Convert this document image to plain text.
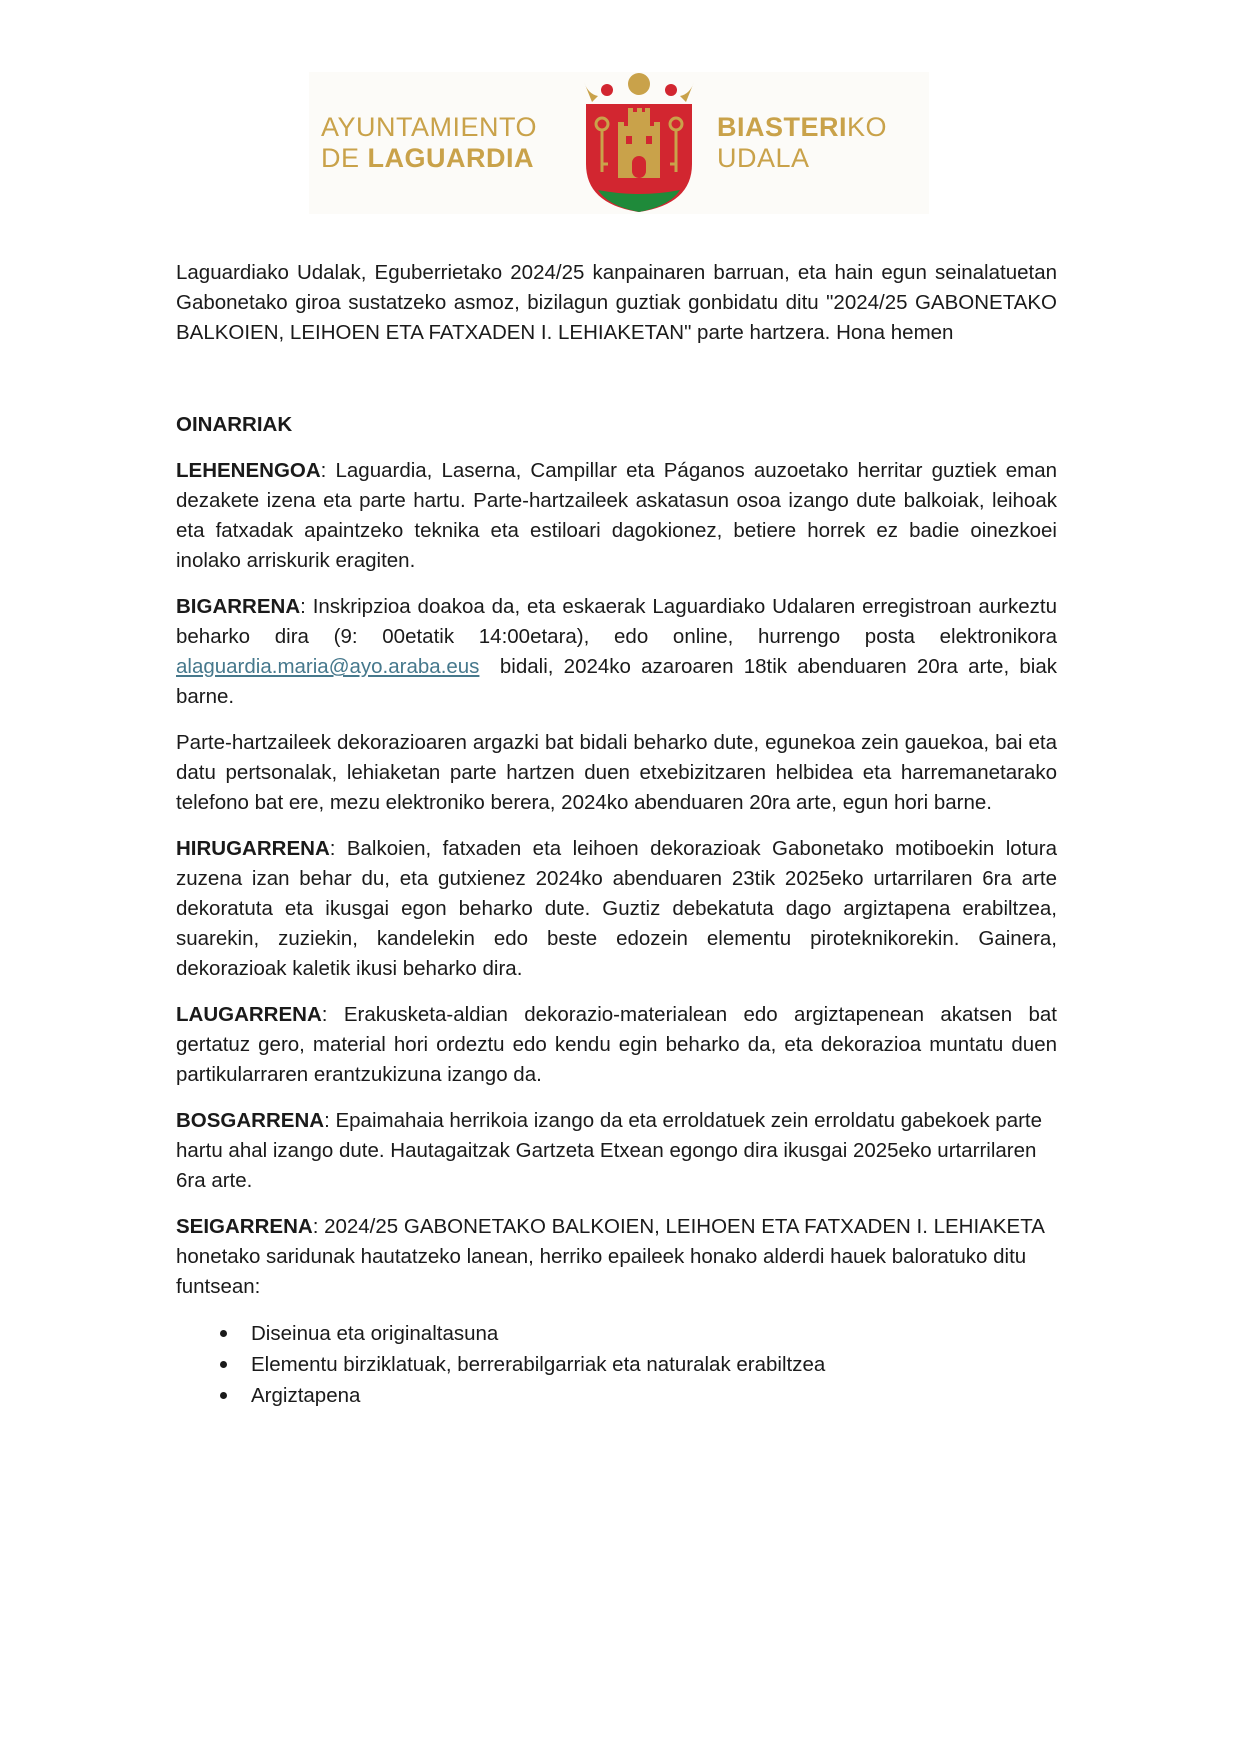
AYUNTAMIENTO
DE LAGUARDIA
BIASTERIKO
UDALA

Laguardiako Udalak, Eguberrietako 2024/25 kanpainaren barruan, eta hain egun seinalatuetan Gabonetako giroa sustatzeko asmoz, bizilagun guztiak gonbidatu ditu "2024/25 GABONETAKO BALKOIEN, LEIHOEN ETA FATXADEN I. LEHIAKETAN" parte hartzera. Hona hemen

OINARRIAK

LEHENENGOA: Laguardia, Laserna, Campillar eta Páganos auzoetako herritar guztiek eman dezakete izena eta parte hartu. Parte-hartzaileek askatasun osoa izango dute balkoiak, leihoak eta fatxadak apaintzeko teknika eta estiloari dagokionez, betiere horrek ez badie oinezkoei inolako arriskurik eragiten.

BIGARRENA: Inskripzioa doakoa da, eta eskaerak Laguardiako Udalaren erregistroan aurkeztu beharko dira (9: 00etatik 14:00etara), edo online, hurrengo posta elektronikora alaguardia.maria@ayo.araba.eus  bidali, 2024ko azaroaren 18tik abenduaren 20ra arte, biak barne.

Parte-hartzaileek dekorazioaren argazki bat bidali beharko dute, egunekoa zein gauekoa, bai eta datu pertsonalak, lehiaketan parte hartzen duen etxebizitzaren helbidea eta harremanetarako telefono bat ere, mezu elektroniko berera, 2024ko abenduaren 20ra arte, egun hori barne.

HIRUGARRENA: Balkoien, fatxaden eta leihoen dekorazioak Gabonetako motiboekin lotura zuzena izan behar du, eta gutxienez 2024ko abenduaren 23tik 2025eko urtarrilaren 6ra arte dekoratuta eta ikusgai egon beharko dute. Guztiz debekatuta dago argiztapena erabiltzea, suarekin, zuziekin, kandelekin edo beste edozein elementu piroteknikorekin. Gainera, dekorazioak kaletik ikusi beharko dira.

LAUGARRENA: Erakusketa-aldian dekorazio-materialean edo argiztapenean akatsen bat gertatuz gero, material hori ordeztu edo kendu egin beharko da, eta dekorazioa muntatu duen partikularraren erantzukizuna izango da.

BOSGARRENA: Epaimahaia herrikoia izango da eta erroldatuek zein erroldatu gabekoek parte hartu ahal izango dute. Hautagaitzak Gartzeta Etxean egongo dira ikusgai 2025eko urtarrilaren 6ra arte.

SEIGARRENA: 2024/25 GABONETAKO BALKOIEN, LEIHOEN ETA FATXADEN I. LEHIAKETA honetako saridunak hautatzeko lanean, herriko epaileek honako alderdi hauek baloratuko ditu funtsean:

Diseinua eta originaltasuna
Elementu birziklatuak, berrerabilgarriak eta naturalak erabiltzea
Argiztapena
